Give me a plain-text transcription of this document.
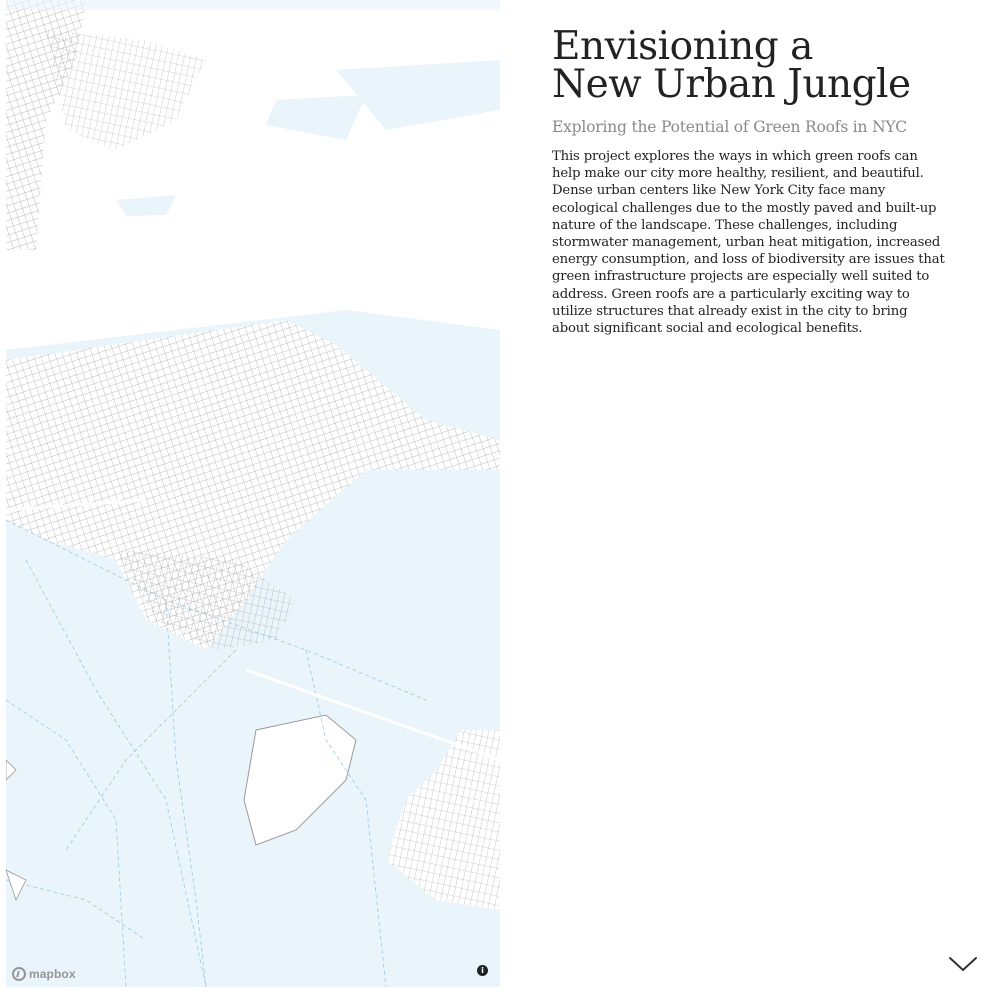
mapbox	i
Envisioning a
New Urban Jungle
Exploring the Potential of Green Roofs in NYC

This project explores the ways in which green roofs can help make our city more healthy, resilient, and beautiful. Dense urban centers like New York City face many ecological challenges due to the mostly paved and built-up nature of the landscape. These challenges, including stormwater management, urban heat mitigation, increased energy consumption, and loss of biodiversity are issues that green infrastructure projects are especially well suited to address. Green roofs are a particularly exciting way to utilize structures that already exist in the city to bring about significant social and ecological benefits.
